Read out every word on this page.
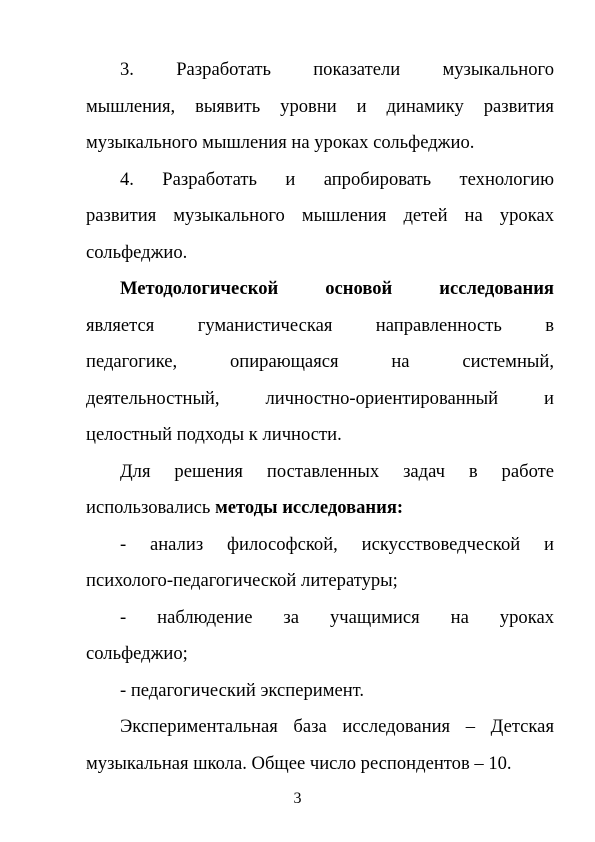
3. Разработать показатели музыкального
мышления, выявить уровни и динамику развития
музыкального мышления на уроках сольфеджио.
4. Разработать и апробировать технологию
развития музыкального мышления детей на уроках
сольфеджио.
Методологической основой исследования
является гуманистическая направленность в
педагогике, опирающаяся на системный,
деятельностный, личностно-ориентированный и
целостный подходы к личности.
Для решения поставленных задач в работе
использовались методы исследования:
- анализ философской, искусствоведческой и
психолого-педагогической литературы;
- наблюдение за учащимися на уроках
сольфеджио;
- педагогический эксперимент.
Экспериментальная база исследования – Детская
музыкальная школа. Общее число респондентов – 10.
3
